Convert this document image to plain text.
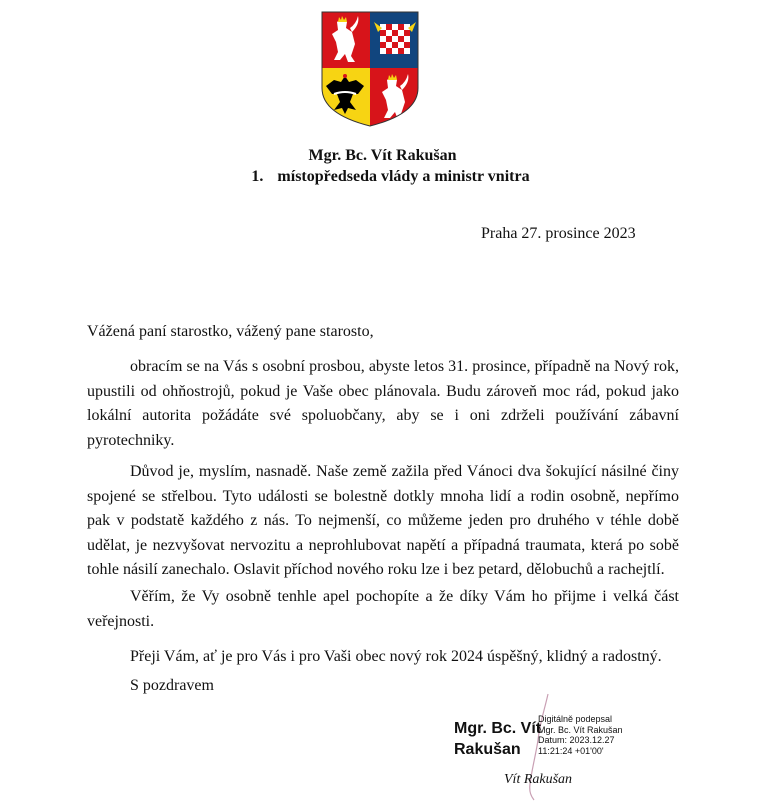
Mgr. Bc. Vít Rakušan
1. místopředseda vlády a ministr vnitra
Praha 27. prosince 2023
Vážená paní starostko, vážený pane starosto,

obracím se na Vás s osobní prosbou, abyste letos 31. prosince, případně na Nový rok, upustili od ohňostrojů, pokud je Vaše obec plánovala. Budu zároveň moc rád, pokud jako lokální autorita požádáte své spoluobčany, aby se i oni zdrželi používání zábavní pyrotechniky.

Důvod je, myslím, nasnadě. Naše země zažila před Vánoci dva šokující násilné činy spojené se střelbou. Tyto události se bolestně dotkly mnoha lidí a rodin osobně, nepřímo pak v podstatě každého z nás. To nejmenší, co můžeme jeden pro druhého v téhle době udělat, je nezvyšovat nervozitu a neprohlubovat napětí a případná traumata, která po sobě tohle násilí zanechalo. Oslavit příchod nového roku lze i bez petard, dělobuchů a rachejtlí.

Věřím, že Vy osobně tenhle apel pochopíte a že díky Vám ho přijme i velká část veřejnosti.

Přeji Vám, ať je pro Vás i pro Vaši obec nový rok 2024 úspěšný, klidný a radostný.

S pozdravem
Mgr. Bc. Vít
Rakušan
Digitálně podepsal
Mgr. Bc. Vít Rakušan
Datum: 2023.12.27
11:21:24 +01'00'
Vít Rakušan
